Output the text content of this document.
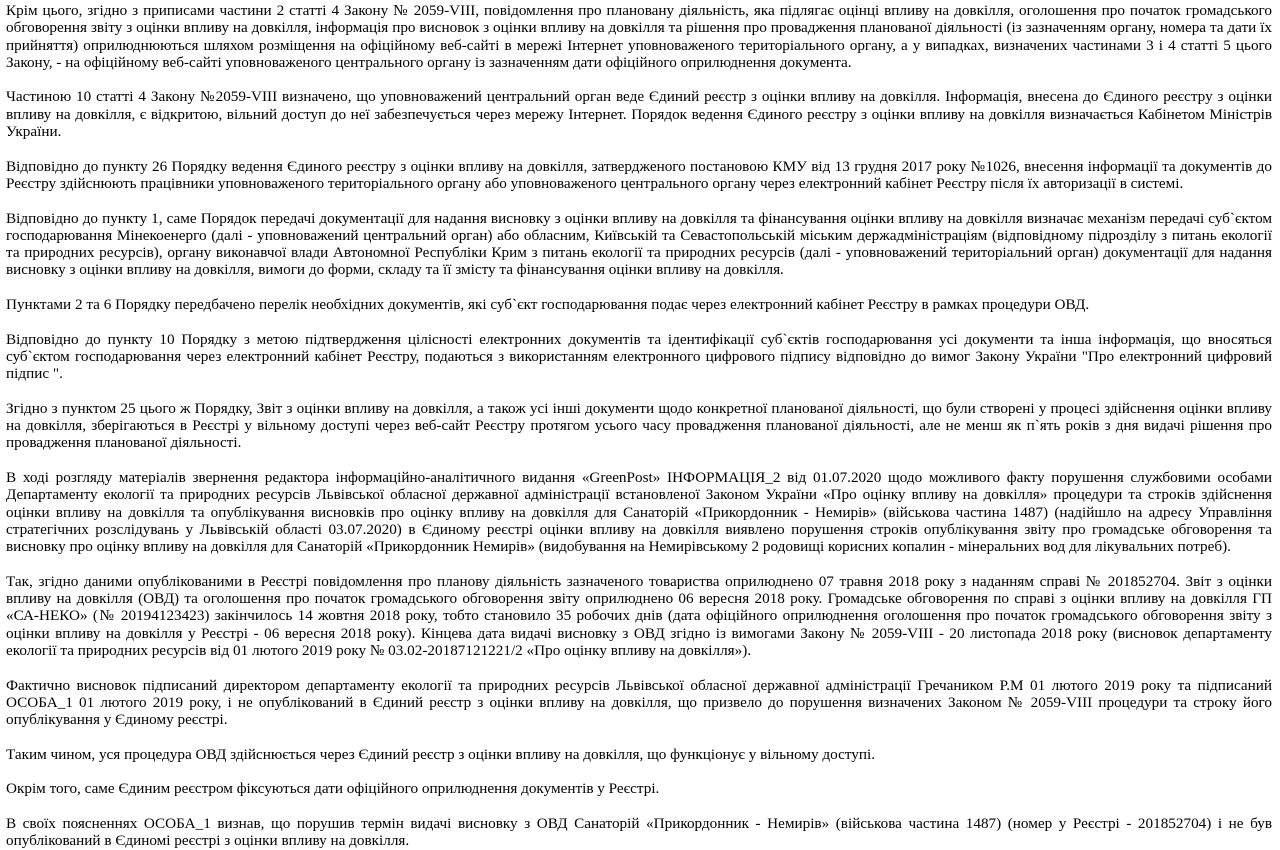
Крім цього, згідно з приписами частини 2 статті 4 Закону № 2059-VIII, повідомлення про плановану діяльність, яка підлягає оцінці впливу на довкілля, оголошення про початок громадського обговорення звіту з оцінки впливу на довкілля, інформація про висновок з оцінки впливу на довкілля та рішення про провадження планованої діяльності (із зазначенням органу, номера та дати їх прийняття) оприлюднюються шляхом розміщення на офіційному веб-сайті в мережі Інтернет уповноваженого територіального органу, а у випадках, визначених частинами 3 і 4 статті 5 цього Закону, - на офіційному веб-сайті уповноваженого центрального органу із зазначенням дати офіційного оприлюднення документа.

Частиною 10 статті 4 Закону №2059-VIII визначено, що уповноважений центральний орган веде Єдиний реєстр з оцінки впливу на довкілля. Інформація, внесена до Єдиного реєстру з оцінки впливу на довкілля, є відкритою, вільний доступ до неї забезпечується через мережу Інтернет. Порядок ведення Єдиного реєстру з оцінки впливу на довкілля визначається Кабінетом Міністрів України.

Відповідно до пункту 26 Порядку ведення Єдиного реєстру з оцінки впливу на довкілля, затвердженого постановою КМУ від 13 грудня 2017 року №1026, внесення інформації та документів до Реєстру здійснюють працівники уповноваженого територіального органу або уповноваженого центрального органу через електронний кабінет Реєстру після їх авторизації в системі.

Відповідно до пункту 1, саме Порядок передачі документації для надання висновку з оцінки впливу на довкілля та фінансування оцінки впливу на довкілля визначає механізм передачі суб`єктом господарювання Мінекоенерго (далі - уповноважений центральний орган) або обласним, Київській та Севастопольській міським держадміністраціям (відповідному підрозділу з питань екології та природних ресурсів), органу виконавчої влади Автономної Республіки Крим з питань екології та природних ресурсів (далі - уповноважений територіальний орган) документації для надання висновку з оцінки впливу на довкілля, вимоги до форми, складу та її змісту та фінансування оцінки впливу на довкілля.

Пунктами 2 та 6 Порядку передбачено перелік необхідних документів, які суб`єкт господарювання подає через електронний кабінет Реєстру в рамках процедури ОВД.

Відповідно до пункту 10 Порядку з метою підтвердження цілісності електронних документів та ідентифікації суб`єктів господарювання усі документи та інша інформація, що вносяться суб`єктом господарювання через електронний кабінет Реєстру, подаються з використанням електронного цифрового підпису відповідно до вимог Закону України "Про електронний цифровий підпис ".

Згідно з пунктом 25 цього ж Порядку, Звіт з оцінки впливу на довкілля, а також усі інші документи щодо конкретної планованої діяльності, що були створені у процесі здійснення оцінки впливу на довкілля, зберігаються в Реєстрі у вільному доступі через веб-сайт Реєстру протягом усього часу провадження планованої діяльності, але не менш як п`ять років з дня видачі рішення про провадження планованої діяльності.

В ході розгляду матеріалів звернення редактора інформаційно-аналітичного видання «GreenPost» ІНФОРМАЦІЯ_2 від 01.07.2020 щодо можливого факту порушення службовими особами Департаменту екології та природних ресурсів Львівської обласної державної адміністрації встановленої Законом України «Про оцінку впливу на довкілля» процедури та строків здійснення оцінки впливу на довкілля та опублікування висновків про оцінку впливу на довкілля для Санаторій «Прикордонник - Немирів» (військова частина 1487) (надійшло на адресу Управління стратегічних розслідувань у Львівській області 03.07.2020) в Єдиному реєстрі оцінки впливу на довкілля виявлено порушення строків опублікування звіту про громадське обговорення та висновку про оцінку впливу на довкілля для Санаторій «Прикордонник Немирів» (видобування на Немирівському 2 родовищі корисних копалин - мінеральних вод для лікувальних потреб).

Так, згідно даними опублікованими в Реєстрі повідомлення про планову діяльність зазначеного товариства оприлюднено 07 травня 2018 року з наданням справі № 201852704. Звіт з оцінки впливу на довкілля (ОВД) та оголошення про початок громадського обговорення звіту оприлюднено 06 вересня 2018 року. Громадське обговорення по справі з оцінки впливу на довкілля ГП «СА-НЕКО» (№ 20194123423) закінчилось 14 жовтня 2018 року, тобто становило 35 робочих днів (дата офіційного оприлюднення оголошення про початок громадського обговорення звіту з оцінки впливу на довкілля у Реєстрі - 06 вересня 2018 року). Кінцева дата видачі висновку з ОВД згідно із вимогами Закону № 2059-VIII - 20 листопада 2018 року (висновок департаменту екології та природних ресурсів від 01 лютого 2019 року № 03.02-20187121221/2 «Про оцінку впливу на довкілля»).

Фактично висновок підписаний директором департаменту екології та природних ресурсів Львівської обласної державної адміністрації Гречаником Р.М 01 лютого 2019 року та підписаний ОСОБА_1 01 лютого 2019 року, і не опублікований в Єдиний реєстр з оцінки впливу на довкілля, що призвело до порушення визначених Законом № 2059-VIII процедури та строку його опублікування у Єдиному реєстрі.

Таким чином, уся процедура ОВД здійснюється через Єдиний реєстр з оцінки впливу на довкілля, що функціонує у вільному доступі.

Окрім того, саме Єдиним реєстром фіксуються дати офіційного оприлюднення документів у Реєстрі.

В своїх поясненнях ОСОБА_1 визнав, що порушив термін видачі висновку з ОВД Санаторій «Прикордонник - Немирів» (військова частина 1487) (номер у Реєстрі - 201852704) і не був опублікований в Єдиномі реєстрі з оцінки впливу на довкілля.
